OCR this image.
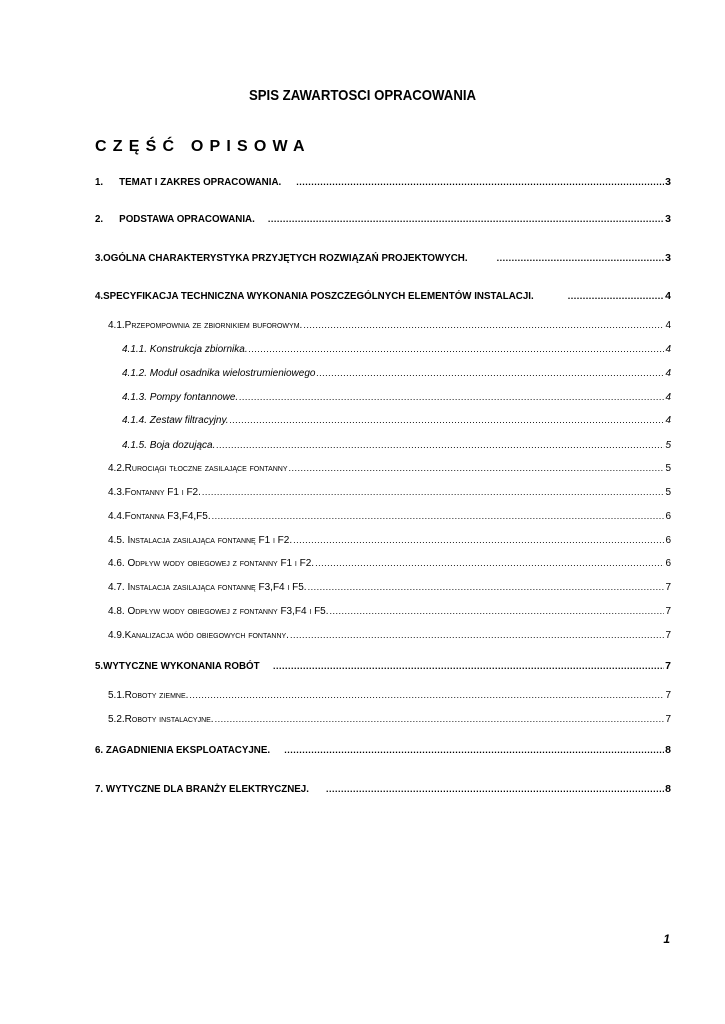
SPIS ZAWARTOSCI OPRACOWANIA
CZĘŚĆ OPISOWA
1. TEMAT I ZAKRES OPRACOWANIA. .....	3
2. PODSTAWA OPRACOWANIA. .....	3
3.OGÓLNA CHARAKTERYSTYKA PRZYJĘTYCH ROZWIĄZAŃ PROJEKTOWYCH. .....	3
4.SPECYFIKACJA TECHNICZNA WYKONANIA POSZCZEGÓLNYCH ELEMENTÓW INSTALACJI. .....	4
4.1.Przepompownia ze zbiornikiem buforowym. .....	4
4.1.1. Konstrukcja zbiornika. .....	4
4.1.2. Moduł osadnika wielostrumieniowego .....	4
4.1.3. Pompy fontannowe. .....	4
4.1.4. Zestaw filtracyjny. .....	4
4.1.5. Boja dozująca. .....	5
4.2.Rurociągi tłoczne zasilające fontanny .....	5
4.3.Fontanny F1 i F2. .....	5
4.4.Fontanna F3,F4,F5. .....	6
4.5. Instalacja zasilająca fontannę F1 i F2. .....	6
4.6. Odpływ wody obiegowej z fontanny F1 i F2. .....	6
4.7. Instalacja zasilająca fontannę F3,F4 i F5. .....	7
4.8. Odpływ wody obiegowej z fontanny F3,F4 i F5. .....	7
4.9.Kanalizacja wód obiegowych fontanny. .....	7
5.WYTYCZNE WYKONANIA ROBÓT .....	7
5.1.Roboty ziemne. .....	7
5.2.Roboty instalacyjne. .....	7
6. ZAGADNIENIA EKSPLOATACYJNE. .....	8
7. WYTYCZNE DLA BRANŻY ELEKTRYCZNEJ. .....	8
1
